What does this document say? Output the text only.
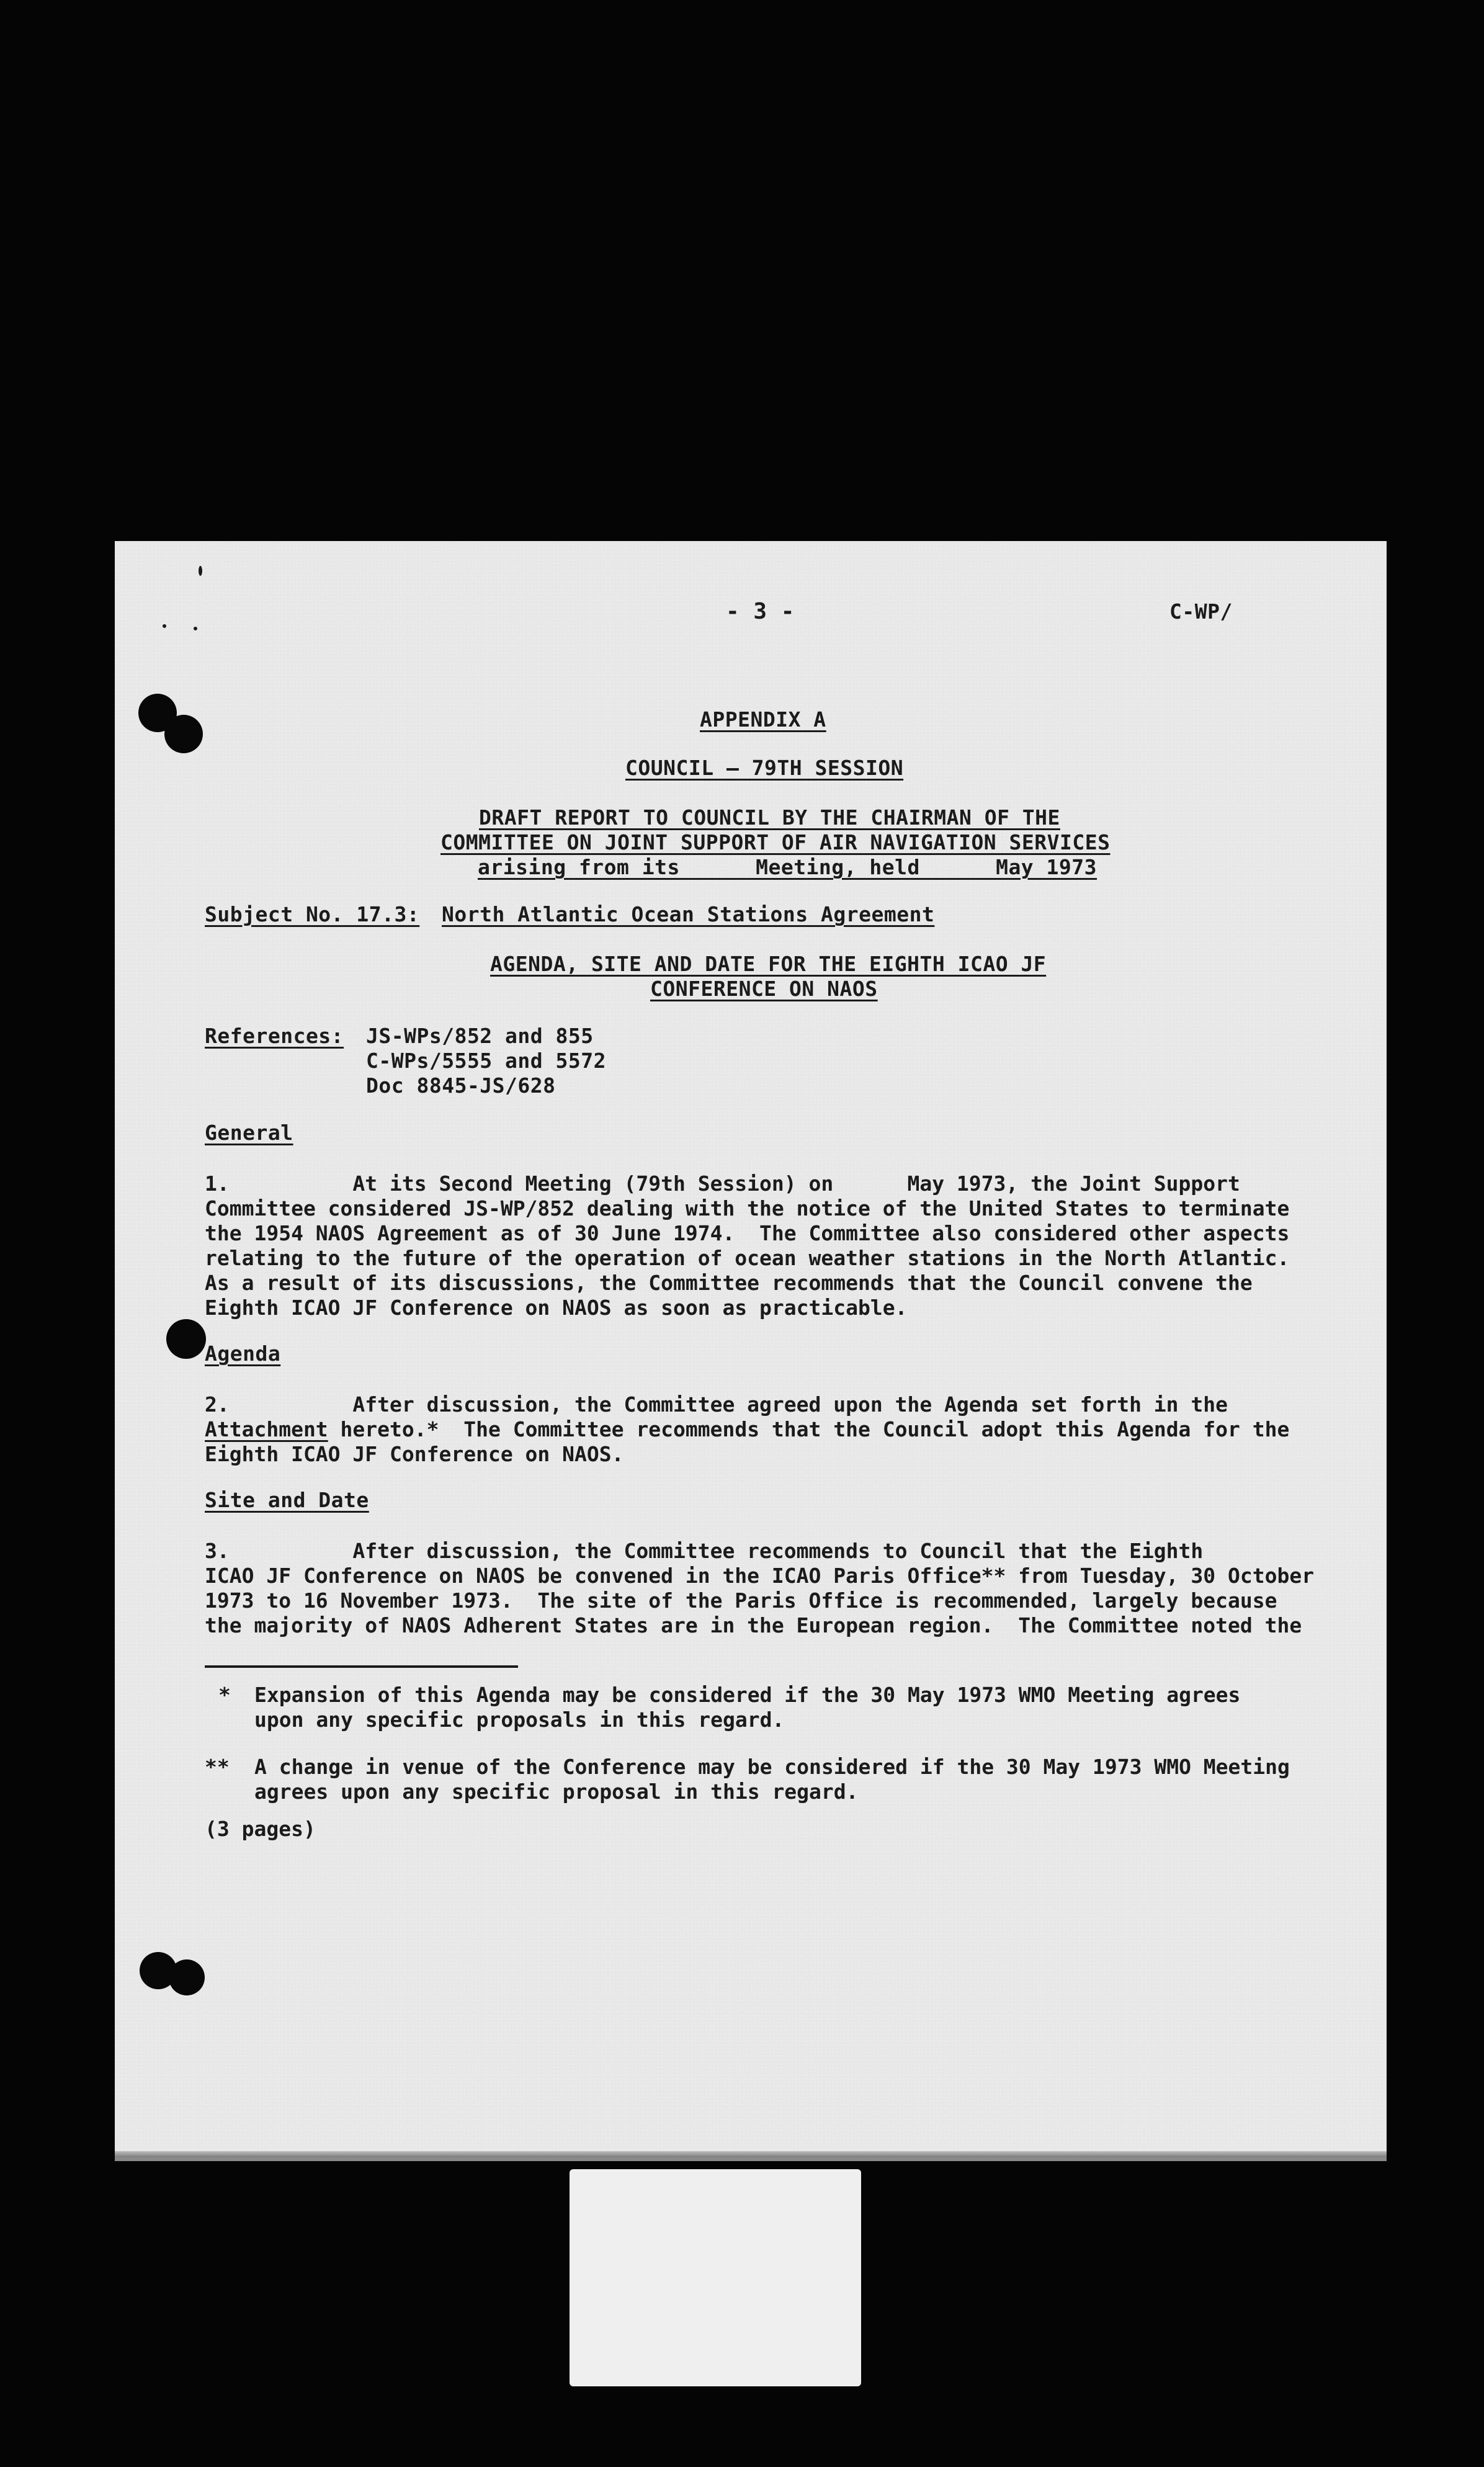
- 3 -	C-WP/
APPENDIX A
COUNCIL — 79TH SESSION
DRAFT REPORT TO COUNCIL BY THE CHAIRMAN OF THE
COMMITTEE ON JOINT SUPPORT OF AIR NAVIGATION SERVICES
arising from its      Meeting, held      May 1973
Subject No. 17.3: North Atlantic Ocean Stations Agreement
AGENDA, SITE AND DATE FOR THE EIGHTH ICAO JF
CONFERENCE ON NAOS
References: JS-WPs/852 and 855
C-WPs/5555 and 5572
Doc 8845-JS/628
General
1.          At its Second Meeting (79th Session) on      May 1973, the Joint Support
Committee considered JS-WP/852 dealing with the notice of the United States to terminate
the 1954 NAOS Agreement as of 30 June 1974.  The Committee also considered other aspects
relating to the future of the operation of ocean weather stations in the North Atlantic.
As a result of its discussions, the Committee recommends that the Council convene the
Eighth ICAO JF Conference on NAOS as soon as practicable.
Agenda
2.          After discussion, the Committee agreed upon the Agenda set forth in the
Attachment hereto.*  The Committee recommends that the Council adopt this Agenda for the
Eighth ICAO JF Conference on NAOS.
Site and Date
3.          After discussion, the Committee recommends to Council that the Eighth
ICAO JF Conference on NAOS be convened in the ICAO Paris Office** from Tuesday, 30 October
1973 to 16 November 1973.  The site of the Paris Office is recommended, largely because
the majority of NAOS Adherent States are in the European region.  The Committee noted the
* Expansion of this Agenda may be considered if the 30 May 1973 WMO Meeting agrees
upon any specific proposals in this regard.
** A change in venue of the Conference may be considered if the 30 May 1973 WMO Meeting
agrees upon any specific proposal in this regard.
(3 pages)
